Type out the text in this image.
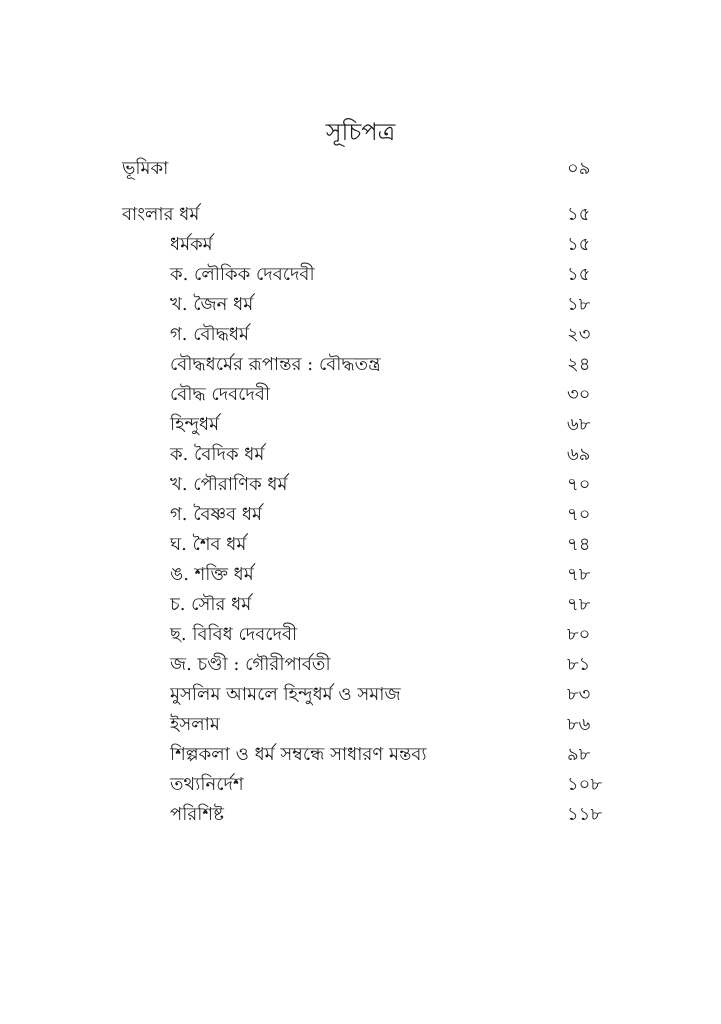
সূচিপত্র
ভূমিকা	০৯
বাংলার ধর্ম	১৫
ধর্মকর্ম	১৫
ক. লৌকিক দেবদেবী	১৫
খ. জৈন ধর্ম	১৮
গ. বৌদ্ধধর্ম	২৩
বৌদ্ধধর্মের রূপান্তর : বৌদ্ধতন্ত্র	২৪
বৌদ্ধ দেবদেবী	৩০
হিন্দুধর্ম	৬৮
ক. বৈদিক ধর্ম	৬৯
খ. পৌরাণিক ধর্ম	৭০
গ. বৈষ্ণব ধর্ম	৭০
ঘ. শৈব ধর্ম	৭৪
ঙ. শক্তি ধর্ম	৭৮
চ. সৌর ধর্ম	৭৮
ছ. বিবিধ দেবদেবী	৮০
জ. চণ্ডী : গৌরীপার্বতী	৮১
মুসলিম আমলে হিন্দুধর্ম ও সমাজ	৮৩
ইসলাম	৮৬
শিল্পকলা ও ধর্ম সম্বন্ধে সাধারণ মন্তব্য	৯৮
তথ্যনির্দেশ	১০৮
পরিশিষ্ট	১১৮
